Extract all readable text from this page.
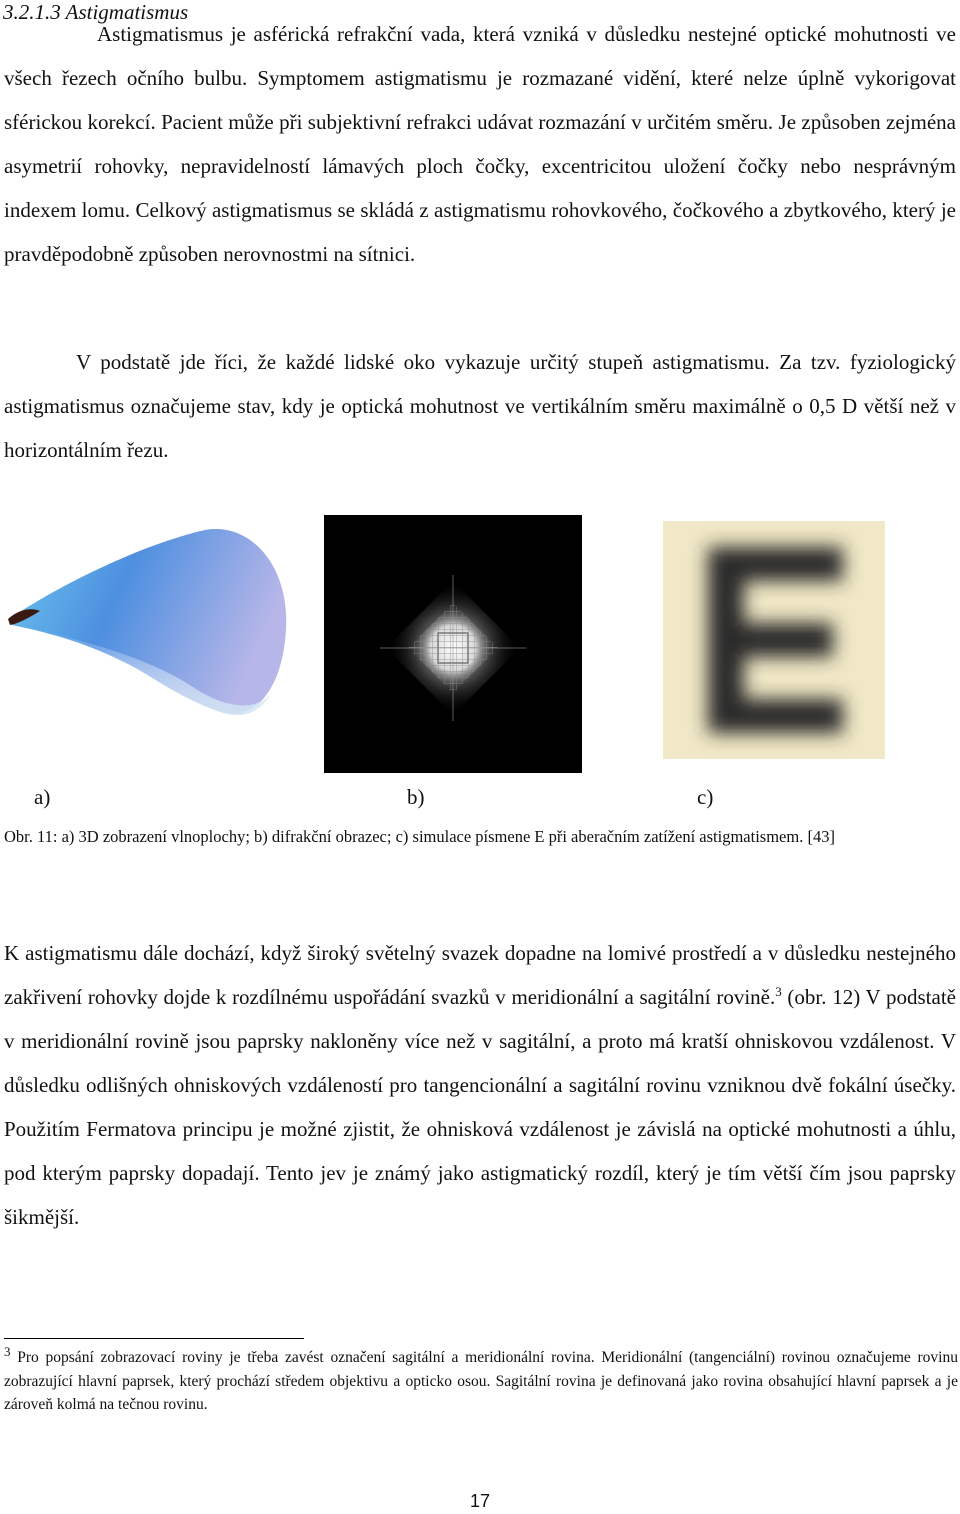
3.2.1.3 Astigmatismus
Astigmatismus je asférická refrakční vada, která vzniká v důsledku nestejné optické mohutnosti ve všech řezech očního bulbu. Symptomem astigmatismu je rozmazané vidění, které nelze úplně vykorigovat sférickou korekcí. Pacient může při subjektivní refrakci udávat rozmazání v určitém směru. Je způsoben zejména asymetrií rohovky, nepravidelností lámavých ploch čočky, excentricitou uložení čočky nebo nesprávným indexem lomu. Celkový astigmatismus se skládá z astigmatismu rohovkového, čočkového a zbytkového, který je pravděpodobně způsoben nerovnostmi na sítnici.
V podstatě jde říci, že každé lidské oko vykazuje určitý stupeň astigmatismu. Za tzv. fyziologický astigmatismus označujeme stav, kdy je optická mohutnost ve vertikálním směru maximálně o 0,5 D větší než v horizontálním řezu.
a)	b)	c)
Obr. 11: a) 3D zobrazení vlnoplochy; b) difrakční obrazec; c) simulace písmene E při aberačním zatížení astigmatismem. [43]
K astigmatismu dále dochází, když široký světelný svazek dopadne na lomivé prostředí a v důsledku nestejného zakřivení rohovky dojde k rozdílnému uspořádání svazků v meridionální a sagitální rovině.$^3$ (obr. 12) V podstatě v meridionální rovině jsou paprsky nakloněny více než v sagitální, a proto má kratší ohniskovou vzdálenost. V důsledku odlišných ohniskových vzdáleností pro tangencionální a sagitální rovinu vzniknou dvě fokální úsečky. Použitím Fermatova principu je možné zjistit, že ohnisková vzdálenost je závislá na optické mohutnosti a úhlu, pod kterým paprsky dopadají. Tento jev je známý jako astigmatický rozdíl, který je tím větší čím jsou paprsky šikmější.
$^3$ Pro popsání zobrazovací roviny je třeba zavést označení sagitální a meridionální rovina. Meridionální (tangenciální) rovinou označujeme rovinu zobrazující hlavní paprsek, který prochází středem objektivu a opticko osou. Sagitální rovina je definovaná jako rovina obsahující hlavní paprsek a je zároveň kolmá na tečnou rovinu.
17
